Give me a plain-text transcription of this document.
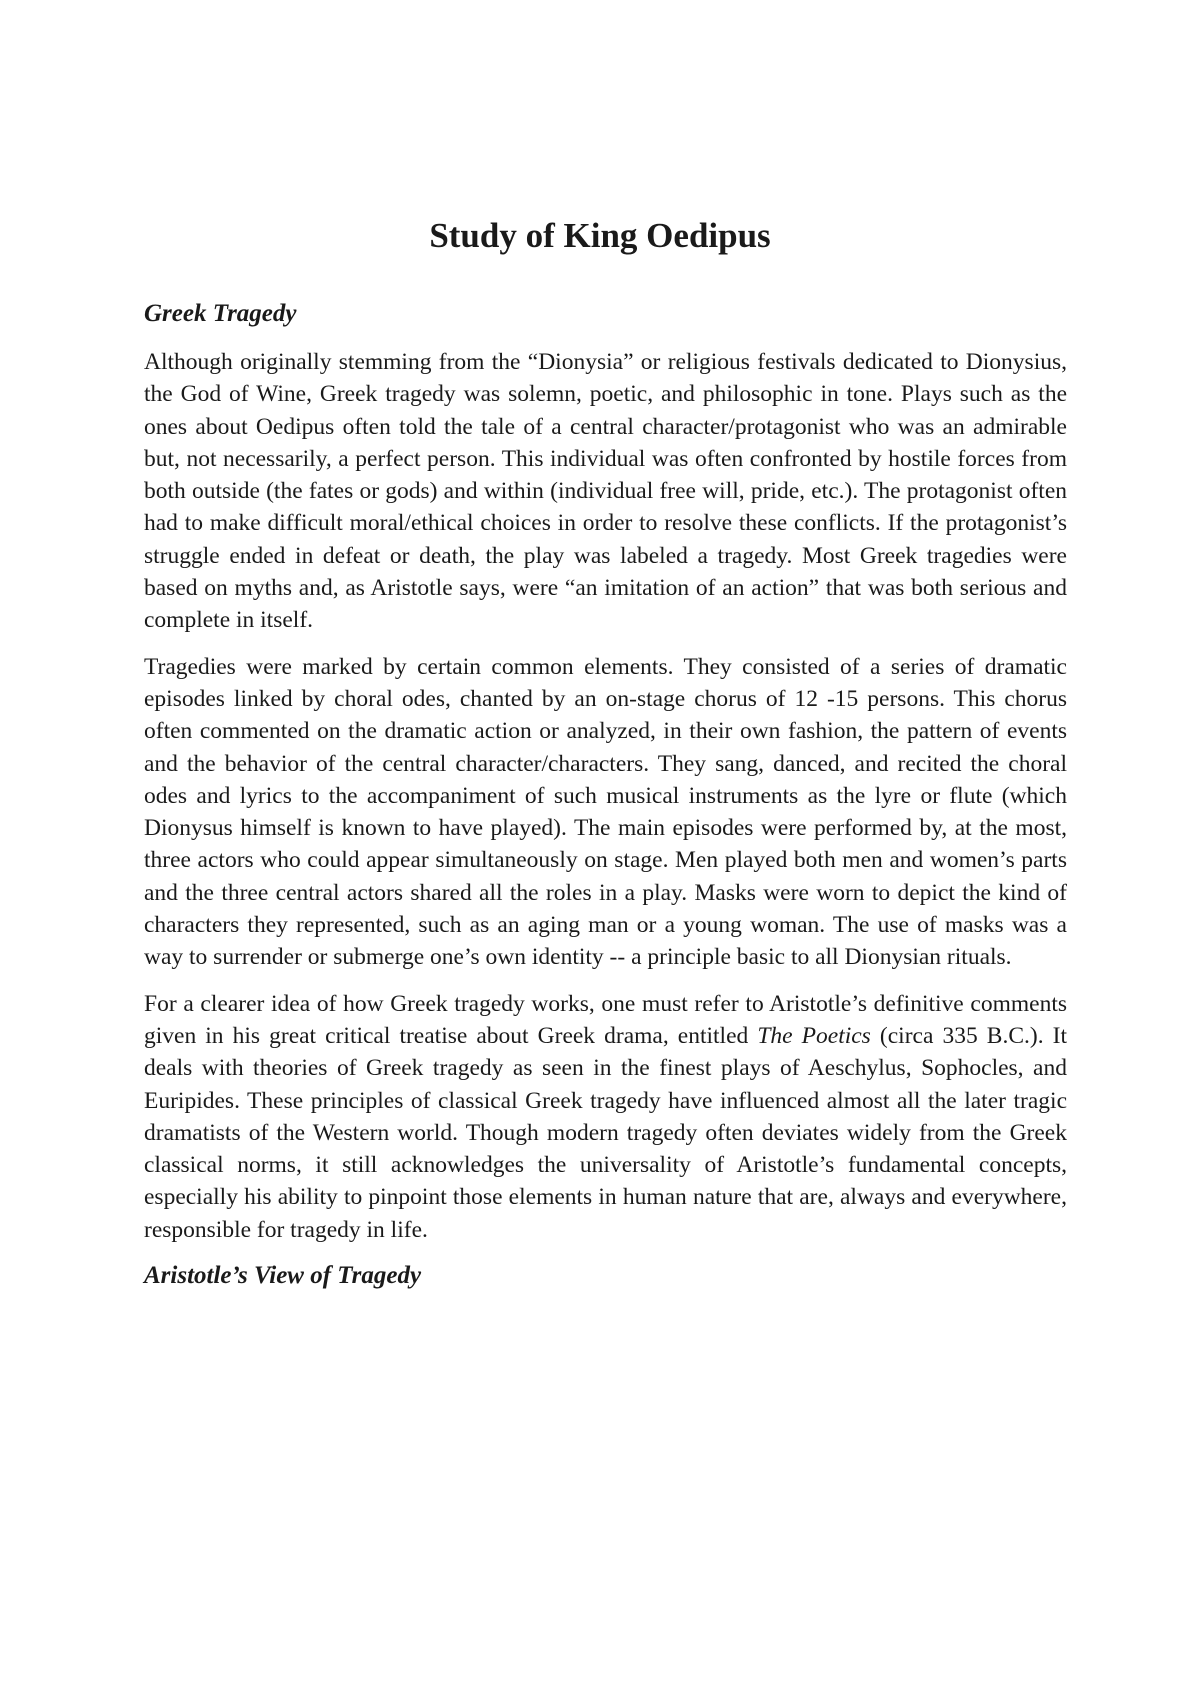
Study of King Oedipus
Greek Tragedy

Although originally stemming from the “Dionysia” or religious festivals dedicated to Dionysius, the God of Wine, Greek tragedy was solemn, poetic, and philosophic in tone. Plays such as the ones about Oedipus often told the tale of a central character/protagonist who was an admirable but, not necessarily, a perfect person. This individual was often confronted by hostile forces from both outside (the fates or gods) and within (individual free will, pride, etc.). The protagonist often had to make difficult moral/ethical choices in order to resolve these conflicts. If the protagonist’s struggle ended in defeat or death, the play was labeled a tragedy. Most Greek tragedies were based on myths and, as Aristotle says, were “an imitation of an action” that was both serious and complete in itself.

Tragedies were marked by certain common elements. They consisted of a series of dramatic episodes linked by choral odes, chanted by an on-stage chorus of 12 -15 persons. This chorus often commented on the dramatic action or analyzed, in their own fashion, the pattern of events and the behavior of the central character/characters. They sang, danced, and recited the choral odes and lyrics to the accompaniment of such musical instruments as the lyre or flute (which Dionysus himself is known to have played). The main episodes were performed by, at the most, three actors who could appear simultaneously on stage. Men played both men and women’s parts and the three central actors shared all the roles in a play. Masks were worn to depict the kind of characters they represented, such as an aging man or a young woman. The use of masks was a way to surrender or submerge one’s own identity -- a principle basic to all Dionysian rituals.

For a clearer idea of how Greek tragedy works, one must refer to Aristotle’s definitive comments given in his great critical treatise about Greek drama, entitled The Poetics (circa 335 B.C.). It deals with theories of Greek tragedy as seen in the finest plays of Aeschylus, Sophocles, and Euripides. These principles of classical Greek tragedy have influenced almost all the later tragic dramatists of the Western world. Though modern tragedy often deviates widely from the Greek classical norms, it still acknowledges the universality of Aristotle’s fundamental concepts, especially his ability to pinpoint those elements in human nature that are, always and everywhere, responsible for tragedy in life.

Aristotle’s View of Tragedy
